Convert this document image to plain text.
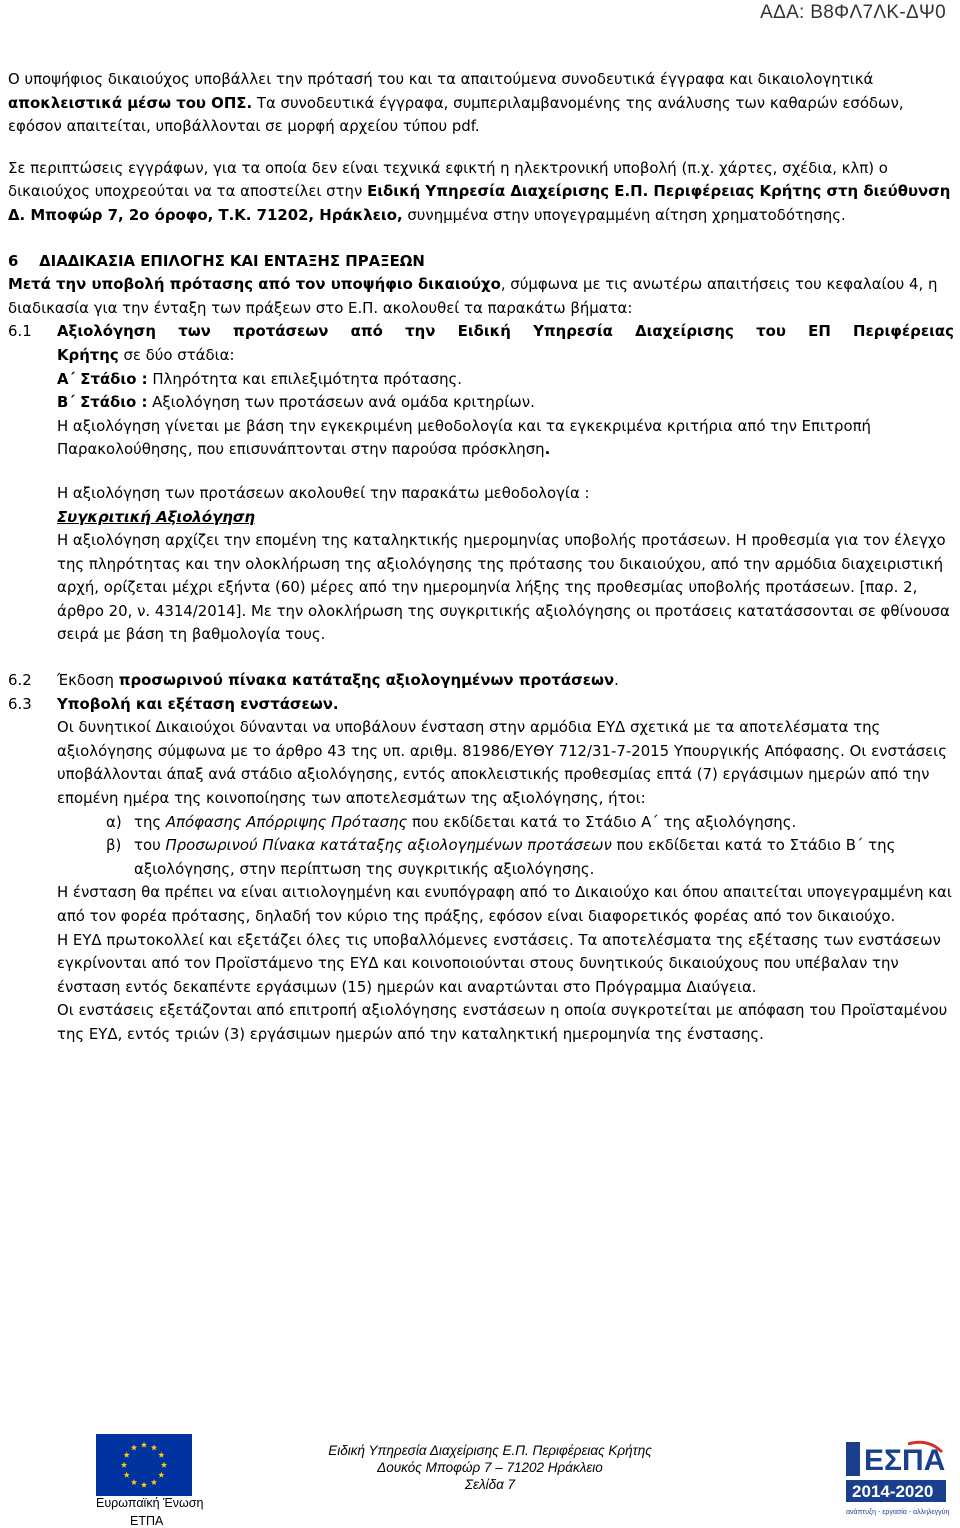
ΑΔΑ: Β8ΦΛ7ΛΚ-ΔΨ0

Ο υποψήφιος δικαιούχος υποβάλλει την πρότασή του και τα απαιτούμενα συνοδευτικά έγγραφα και δικαιολογητικά αποκλειστικά μέσω του ΟΠΣ. Τα συνοδευτικά έγγραφα, συμπεριλαμβανομένης της ανάλυσης των καθαρών εσόδων, εφόσον απαιτείται, υποβάλλονται σε μορφή αρχείου τύπου pdf.

Σε περιπτώσεις εγγράφων, για τα οποία δεν είναι τεχνικά εφικτή η ηλεκτρονική υποβολή (π.χ. χάρτες, σχέδια, κλπ) ο δικαιούχος υποχρεούται να τα αποστείλει στην Ειδική Υπηρεσία Διαχείρισης Ε.Π. Περιφέρειας Κρήτης στη διεύθυνση Δ. Μποφώρ 7, 2ο όροφο, Τ.Κ. 71202, Ηράκλειο, συνημμένα στην υπογεγραμμένη αίτηση χρηματοδότησης.

6 ΔΙΑΔΙΚΑΣΙΑ ΕΠΙΛΟΓΗΣ ΚΑΙ ΕΝΤΑΞΗΣ ΠΡΑΞΕΩΝ

Μετά την υποβολή πρότασης από τον υποψήφιο δικαιούχο, σύμφωνα με τις ανωτέρω απαιτήσεις του κεφαλαίου 4, η διαδικασία για την ένταξη των πράξεων στο Ε.Π. ακολουθεί τα παρακάτω βήματα:

6.1 Αξιολόγηση των προτάσεων από την Ειδική Υπηρεσία Διαχείρισης του ΕΠ Περιφέρειας

Κρήτης σε δύο στάδια:

Α΄ Στάδιο : Πληρότητα και επιλεξιμότητα πρότασης.

Β΄ Στάδιο : Αξιολόγηση των προτάσεων ανά ομάδα κριτηρίων.

Η αξιολόγηση γίνεται με βάση την εγκεκριμένη μεθοδολογία και τα εγκεκριμένα κριτήρια από την Επιτροπή Παρακολούθησης, που επισυνάπτονται στην παρούσα πρόσκληση.

Η αξιολόγηση των προτάσεων ακολουθεί την παρακάτω μεθοδολογία :

Συγκριτική Αξιολόγηση

Η αξιολόγηση αρχίζει την επομένη της καταληκτικής ημερομηνίας υποβολής προτάσεων. Η προθεσμία για τον έλεγχο της πληρότητας και την ολοκλήρωση της αξιολόγησης της πρότασης του δικαιούχου, από την αρμόδια διαχειριστική αρχή, ορίζεται μέχρι εξήντα (60) μέρες από την ημερομηνία λήξης της προθεσμίας υποβολής προτάσεων. [παρ. 2, άρθρο 20, ν. 4314/2014]. Με την ολοκλήρωση της συγκριτικής αξιολόγησης οι προτάσεις κατατάσσονται σε φθίνουσα σειρά με βάση τη βαθμολογία τους.

6.2 Έκδοση προσωρινού πίνακα κατάταξης αξιολογημένων προτάσεων.

6.3 Υποβολή και εξέταση ενστάσεων.

Οι δυνητικοί Δικαιούχοι δύνανται να υποβάλουν ένσταση στην αρμόδια ΕΥΔ σχετικά με τα αποτελέσματα της αξιολόγησης σύμφωνα με το άρθρο 43 της υπ. αριθμ. 81986/ΕΥΘΥ 712/31-7-2015 Υπουργικής Απόφασης. Οι ενστάσεις υποβάλλονται άπαξ ανά στάδιο αξιολόγησης, εντός αποκλειστικής προθεσμίας επτά (7) εργάσιμων ημερών από την επομένη ημέρα της κοινοποίησης των αποτελεσμάτων της αξιολόγησης, ήτοι:

α) της Απόφασης Απόρριψης Πρότασης που εκδίδεται κατά το Στάδιο Α΄ της αξιολόγησης.

β) του Προσωρινού Πίνακα κατάταξης αξιολογημένων προτάσεων που εκδίδεται κατά το Στάδιο Β΄ της αξιολόγησης, στην περίπτωση της συγκριτικής αξιολόγησης.

Η ένσταση θα πρέπει να είναι αιτιολογημένη και ενυπόγραφη από το Δικαιούχο και όπου απαιτείται υπογεγραμμένη και από τον φορέα πρότασης, δηλαδή τον κύριο της πράξης, εφόσον είναι διαφορετικός φορέας από τον δικαιούχο.

Η ΕΥΔ πρωτοκολλεί και εξετάζει όλες τις υποβαλλόμενες ενστάσεις. Τα αποτελέσματα της εξέτασης των ενστάσεων εγκρίνονται από τον Προϊστάμενο της ΕΥΔ και κοινοποιούνται στους δυνητικούς δικαιούχους που υπέβαλαν την ένσταση εντός δεκαπέντε εργάσιμων (15) ημερών και αναρτώνται στο Πρόγραμμα Διαύγεια.

Οι ενστάσεις εξετάζονται από επιτροπή αξιολόγησης ενστάσεων η οποία συγκροτείται με απόφαση του Προϊσταμένου της ΕΥΔ, εντός τριών (3) εργάσιμων ημερών από την καταληκτική ημερομηνία της ένστασης.

Ευρωπαϊκή Ένωση
ΕΤΠΑ
Ειδική Υπηρεσία Διαχείρισης Ε.Π. Περιφέρειας Κρήτης
Δουκός Μποφώρ 7 – 71202 Ηράκλειο
Σελίδα 7
ΕΣΠΑ
2014-2020
ανάπτυξη - εργασία - αλληλεγγύη
